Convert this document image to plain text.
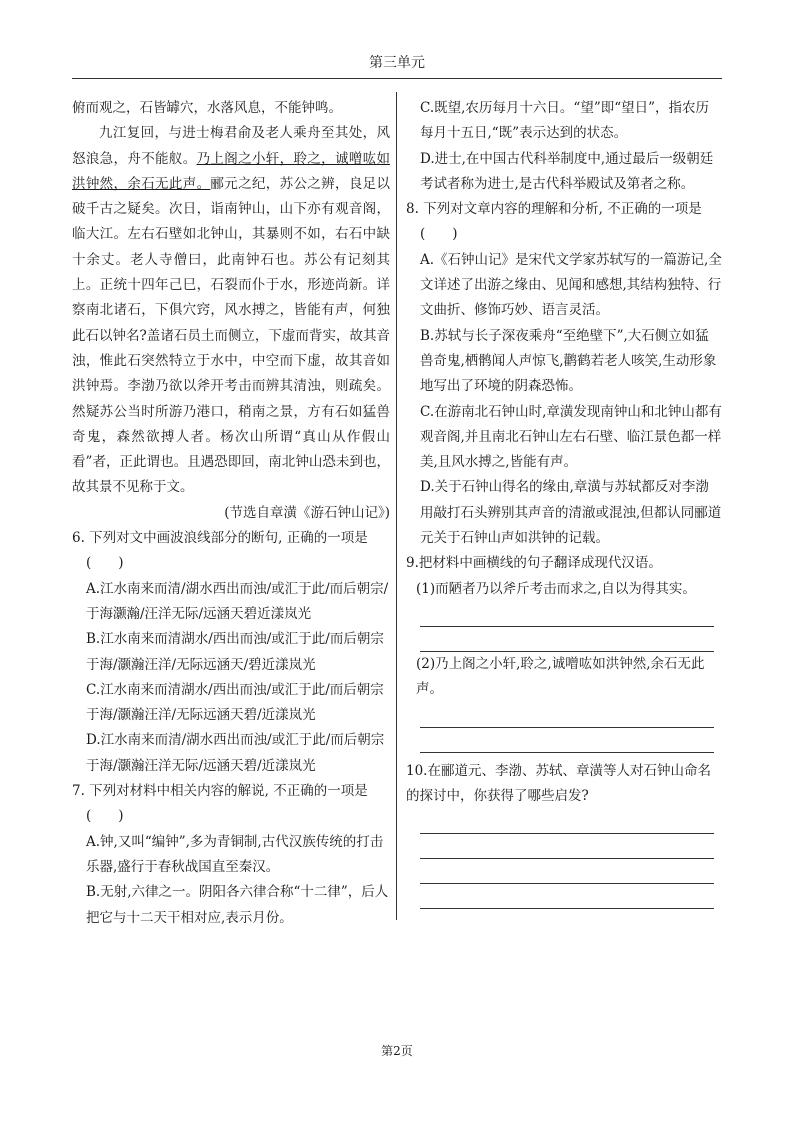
第三单元

俯而观之，石皆罅穴，水落风息，不能钟鸣。

九江复回，与进士梅君俞及老人乘舟至其处，风怒浪急，舟不能舣。乃上阁之小轩，聆之，诚噌吰如洪钟然，余石无此声。郦元之纪，苏公之辨，良足以破千古之疑矣。次日，诣南钟山，山下亦有观音阁，临大江。左右石壁如北钟山，其暴则不如，右石中缺十余丈。老人寺僧曰，此南钟石也。苏公有记刻其上。正统十四年己巳，石裂而仆于水，形迹尚新。详察南北诸石，下俱穴窍，风水搏之，皆能有声，何独此石以钟名?盖诸石员土而侧立，下虚而背实，故其音浊，惟此石突然特立于水中，中空而下虚，故其音如洪钟焉。李渤乃欲以斧开考击而辨其清浊，则疏矣。然疑苏公当时所游乃港口，稍南之景，方有石如猛兽奇鬼，森然欲搏人者。杨次山所谓“真山从作假山看”者，正此谓也。且遇恐即回，南北钟山恐未到也，故其景不见称于文。

(节选自章潢《游石钟山记》)

6. 下列对文中画波浪线部分的断句, 正确的一项是

(　　)

A.江水南来而清/湖水西出而浊/或汇于此/而后朝宗/于海灏瀚/汪洋无际/远涵天碧近漾岚光

B.江水南来而清湖水/西出而浊/或汇于此/而后朝宗于海/灏瀚汪洋/无际远涵天/碧近漾岚光

C.江水南来而清湖水/西出而浊/或汇于此/而后朝宗于海/灏瀚汪洋/无际远涵天碧/近漾岚光

D.江水南来而清/湖水西出而浊/或汇于此/而后朝宗于海/灏瀚汪洋无际/远涵天碧/近漾岚光

7. 下列对材料中相关内容的解说, 不正确的一项是

(　　)

A.钟,又叫“编钟”,多为青铜制,古代汉族传统的打击乐器,盛行于春秋战国直至秦汉。

B.无射,六律之一。阴阳各六律合称“十二律”，后人把它与十二天干相对应,表示月份。

C.既望,农历每月十六日。“望”即“望日”，指农历每月十五日,“既”表示达到的状态。

D.进士,在中国古代科举制度中,通过最后一级朝廷考试者称为进士,是古代科举殿试及第者之称。

8. 下列对文章内容的理解和分析, 不正确的一项是

(　　)

A.《石钟山记》是宋代文学家苏轼写的一篇游记,全文详述了出游之缘由、见闻和感想,其结构独特、行文曲折、修饰巧妙、语言灵活。

B.苏轼与长子深夜乘舟“至绝壁下”,大石侧立如猛兽奇鬼,栖鹘闻人声惊飞,鹳鹤若老人咳笑,生动形象地写出了环境的阴森恐怖。

C.在游南北石钟山时,章潢发现南钟山和北钟山都有观音阁,并且南北石钟山左右石壁、临江景色都一样美,且风水搏之,皆能有声。

D.关于石钟山得名的缘由,章潢与苏轼都反对李渤用敲打石头辨别其声音的清澈或混浊,但都认同郦道元关于石钟山声如洪钟的记载。

9.把材料中画横线的句子翻译成现代汉语。

(1)而陋者乃以斧斤考击而求之,自以为得其实。

(2)乃上阁之小轩,聆之,诚噌吰如洪钟然,余石无此声。

10.在郦道元、李渤、苏轼、章潢等人对石钟山命名的探讨中，你获得了哪些启发?

第2页
